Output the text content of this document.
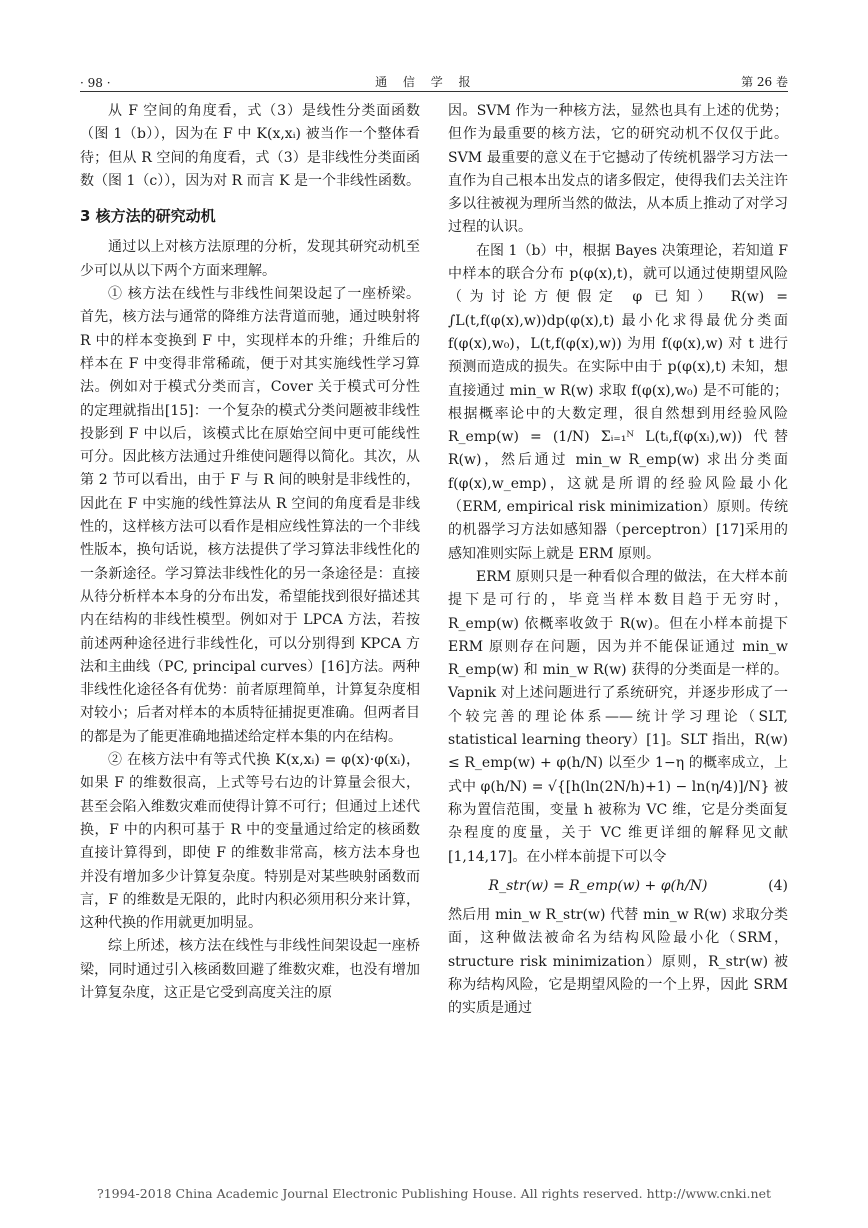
· 98 ·	通 信 学 报	第 26 卷

从 F 空间的角度看，式（3）是线性分类面函数（图 1（b）），因为在 F 中 K(x,xᵢ) 被当作一个整体看待；但从 R 空间的角度看，式（3）是非线性分类面函数（图 1（c）），因为对 R 而言 K 是一个非线性函数。

3 核方法的研究动机

通过以上对核方法原理的分析，发现其研究动机至少可以从以下两个方面来理解。

① 核方法在线性与非线性间架设起了一座桥梁。首先，核方法与通常的降维方法背道而驰，通过映射将 R 中的样本变换到 F 中，实现样本的升维；升维后的样本在 F 中变得非常稀疏，便于对其实施线性学习算法。例如对于模式分类而言，Cover 关于模式可分性的定理就指出[15]：一个复杂的模式分类问题被非线性投影到 F 中以后，该模式比在原始空间中更可能线性可分。因此核方法通过升维使问题得以简化。其次，从第 2 节可以看出，由于 F 与 R 间的映射是非线性的，因此在 F 中实施的线性算法从 R 空间的角度看是非线性的，这样核方法可以看作是相应线性算法的一个非线性版本，换句话说，核方法提供了学习算法非线性化的一条新途径。学习算法非线性化的另一条途径是：直接从待分析样本本身的分布出发，希望能找到很好描述其内在结构的非线性模型。例如对于 LPCA 方法，若按前述两种途径进行非线性化，可以分别得到 KPCA 方法和主曲线（PC, principal curves）[16]方法。两种非线性化途径各有优势：前者原理简单，计算复杂度相对较小；后者对样本的本质特征捕捉更准确。但两者目的都是为了能更准确地描述给定样本集的内在结构。

② 在核方法中有等式代换 K(x,xᵢ) = φ(x)·φ(xᵢ)，如果 F 的维数很高，上式等号右边的计算量会很大，甚至会陷入维数灾难而使得计算不可行；但通过上述代换，F 中的内积可基于 R 中的变量通过给定的核函数直接计算得到，即使 F 的维数非常高，核方法本身也并没有增加多少计算复杂度。特别是对某些映射函数而言，F 的维数是无限的，此时内积必须用积分来计算，这种代换的作用就更加明显。

综上所述，核方法在线性与非线性间架设起一座桥梁，同时通过引入核函数回避了维数灾难，也没有增加计算复杂度，这正是它受到高度关注的原

因。SVM 作为一种核方法，显然也具有上述的优势；但作为最重要的核方法，它的研究动机不仅仅于此。SVM 最重要的意义在于它撼动了传统机器学习方法一直作为自己根本出发点的诸多假定，使得我们去关注许多以往被视为理所当然的做法，从本质上推动了对学习过程的认识。

在图 1（b）中，根据 Bayes 决策理论，若知道 F 中样本的联合分布 p(φ(x),t)，就可以通过使期望风险（为讨论方便假定 φ 已知） R(w) = ∫L(t,f(φ(x),w))dp(φ(x),t) 最小化求得最优分类面 f(φ(x),w₀)，L(t,f(φ(x),w)) 为用 f(φ(x),w) 对 t 进行预测而造成的损失。在实际中由于 p(φ(x),t) 未知，想直接通过 min_w R(w) 求取 f(φ(x),w₀) 是不可能的；根据概率论中的大数定理，很自然想到用经验风险 R_emp(w) = (1/N) Σᵢ₌₁ᴺ L(tᵢ,f(φ(xᵢ),w)) 代替 R(w)，然后通过 min_w R_emp(w) 求出分类面 f(φ(x),w_emp)，这就是所谓的经验风险最小化（ERM, empirical risk minimization）原则。传统的机器学习方法如感知器（perceptron）[17]采用的感知准则实际上就是 ERM 原则。

ERM 原则只是一种看似合理的做法，在大样本前提下是可行的，毕竟当样本数目趋于无穷时，R_emp(w) 依概率收敛于 R(w)。但在小样本前提下 ERM 原则存在问题，因为并不能保证通过 min_w R_emp(w) 和 min_w R(w) 获得的分类面是一样的。Vapnik 对上述问题进行了系统研究，并逐步形成了一个较完善的理论体系——统计学习理论（SLT, statistical learning theory）[1]。SLT 指出，R(w) ≤ R_emp(w) + φ(h/N) 以至少 1−η 的概率成立，上式中 φ(h/N) = √{[h(ln(2N/h)+1) − ln(η/4)]/N} 被称为置信范围，变量 h 被称为 VC 维，它是分类面复杂程度的度量，关于 VC 维更详细的解释见文献[1,14,17]。在小样本前提下可以令

R_str(w) = R_emp(w) + φ(h/N)	(4)

然后用 min_w R_str(w) 代替 min_w R(w) 求取分类面，这种做法被命名为结构风险最小化（SRM，structure risk minimization）原则，R_str(w) 被称为结构风险，它是期望风险的一个上界，因此 SRM 的实质是通过

?1994-2018 China Academic Journal Electronic Publishing House. All rights reserved. http://www.cnki.net
